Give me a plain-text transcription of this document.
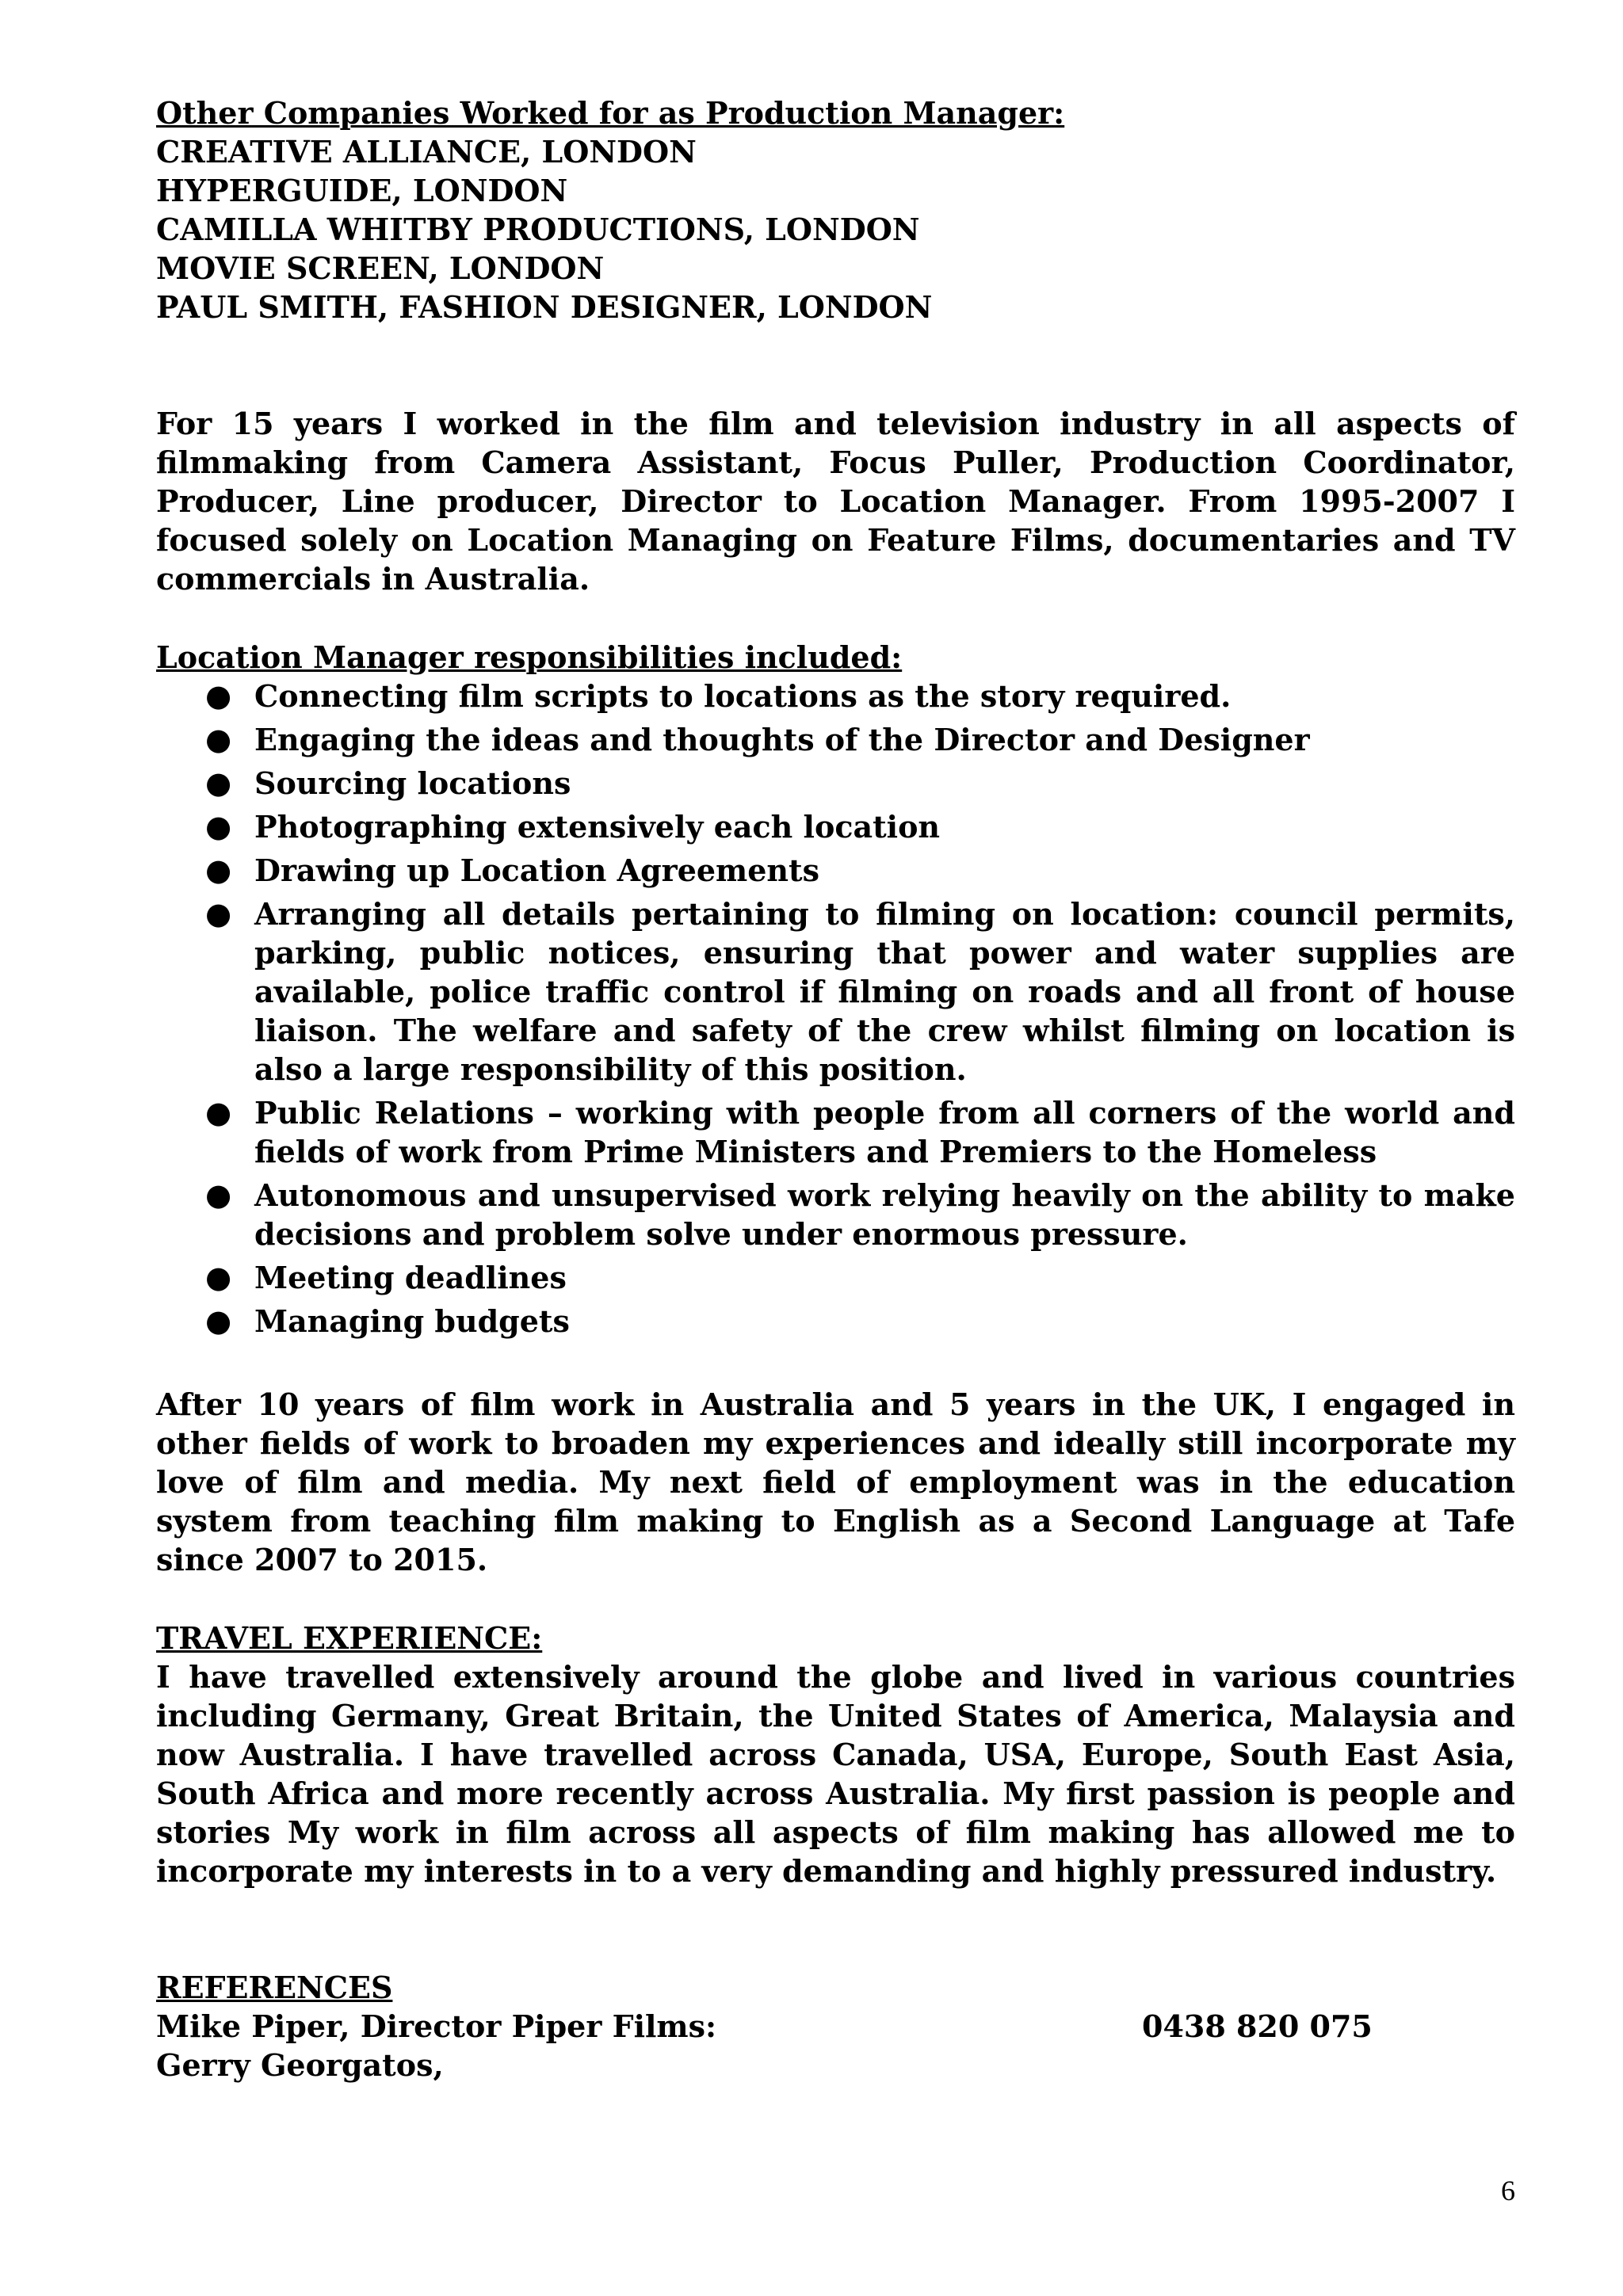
Other Companies Worked for as Production Manager:
CREATIVE ALLIANCE, LONDON
HYPERGUIDE, LONDON
CAMILLA WHITBY PRODUCTIONS, LONDON
MOVIE SCREEN, LONDON
PAUL SMITH, FASHION DESIGNER, LONDON

For 15 years I worked in the film and television industry in all aspects of filmmaking from Camera Assistant, Focus Puller, Production Coordinator, Producer, Line producer, Director to Location Manager. From 1995-2007 I focused solely on Location Managing on Feature Films, documentaries and TV commercials in Australia.

Location Manager responsibilities included:
● Connecting film scripts to locations as the story required.
● Engaging the ideas and thoughts of the Director and Designer
● Sourcing locations
● Photographing extensively each location
● Drawing up Location Agreements
● Arranging all details pertaining to filming on location: council permits, parking, public notices, ensuring that power and water supplies are available, police traffic control if filming on roads and all front of house liaison. The welfare and safety of the crew whilst filming on location is also a large responsibility of this position.
● Public Relations – working with people from all corners of the world and fields of work from Prime Ministers and Premiers to the Homeless
● Autonomous and unsupervised work relying heavily on the ability to make decisions and problem solve under enormous pressure.
● Meeting deadlines
● Managing budgets

After 10 years of film work in Australia and 5 years in the UK, I engaged in other fields of work to broaden my experiences and ideally still incorporate my love of film and media. My next field of employment was in the education system from teaching film making to English as a Second Language at Tafe since 2007 to 2015.

TRAVEL EXPERIENCE:

I have travelled extensively around the globe and lived in various countries including Germany, Great Britain, the United States of America, Malaysia and now Australia. I have travelled across Canada, USA, Europe, South East Asia, South Africa and more recently across Australia. My first passion is people and stories My work in film across all aspects of film making has allowed me to incorporate my interests in to a very demanding and highly pressured industry.

REFERENCES
Mike Piper, Director Piper Films:	0438 820 075
Gerry Georgatos,
6
